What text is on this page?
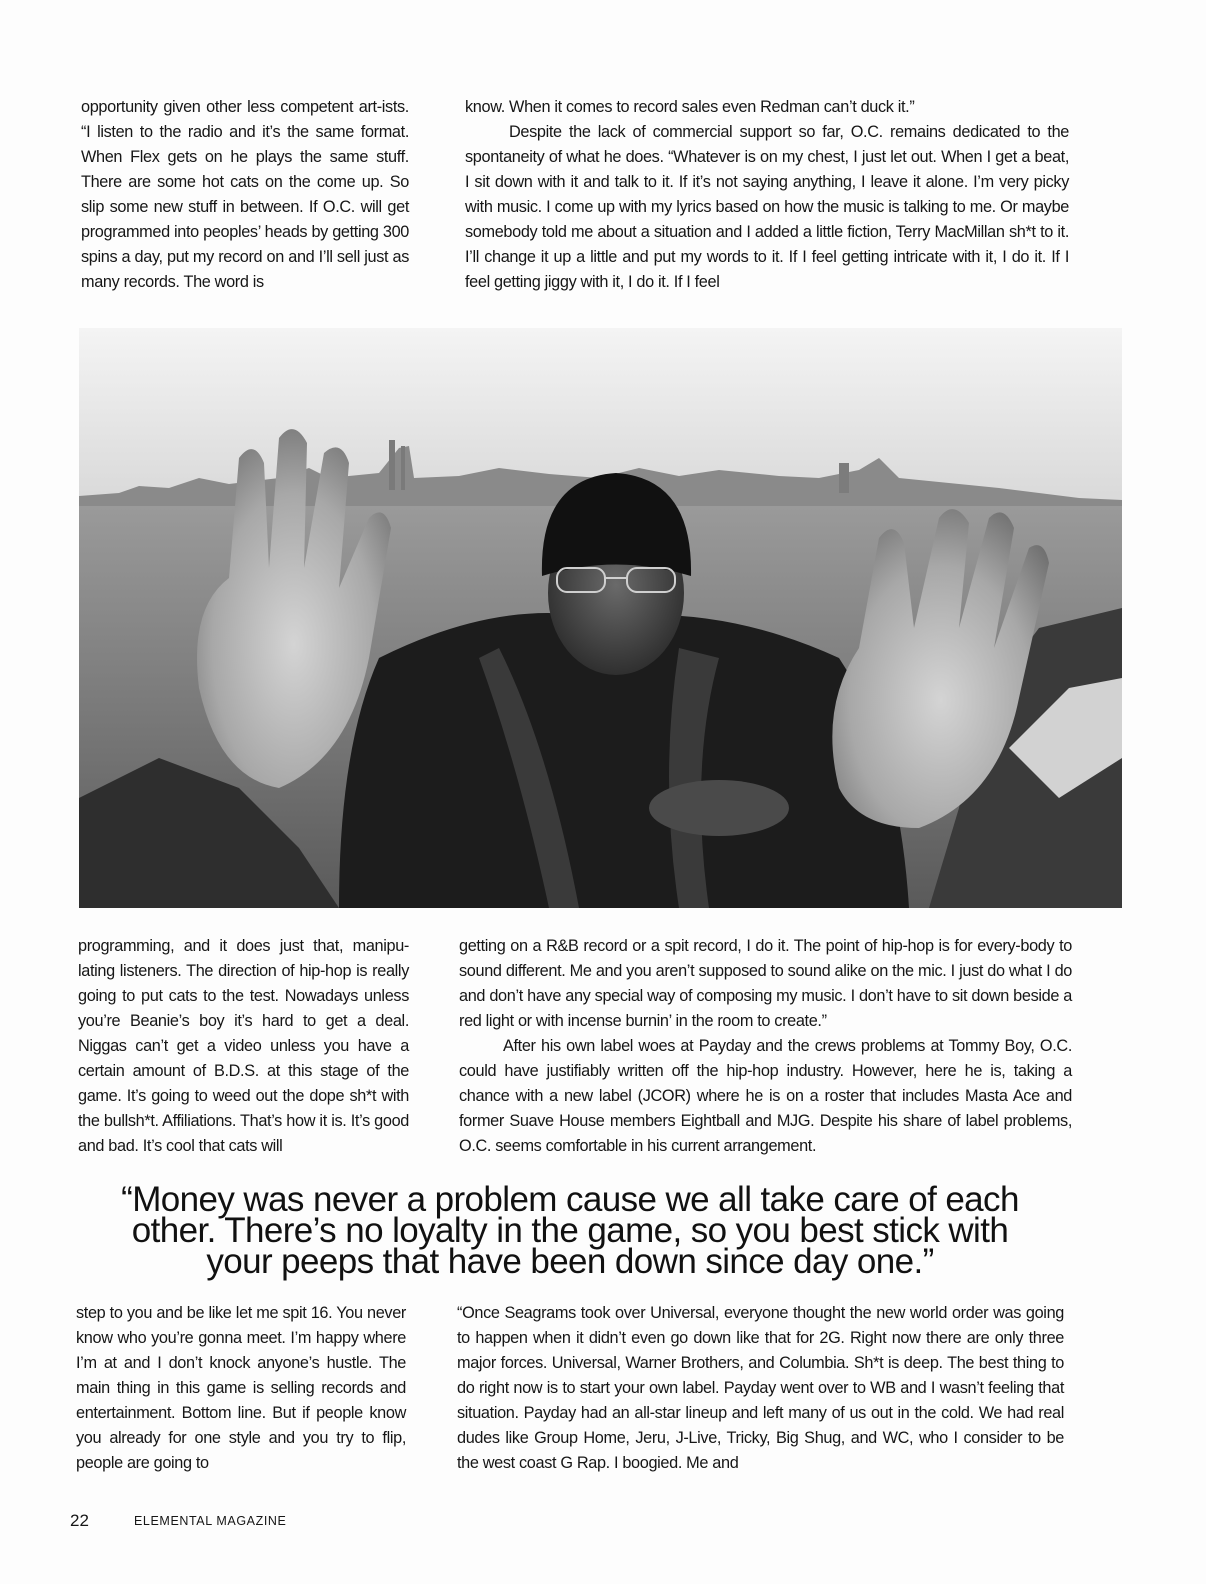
opportunity given other less competent art-ists. “I listen to the radio and it’s the same format. When Flex gets on he plays the same stuff. There are some hot cats on the come up. So slip some new stuff in between. If O.C. will get programmed into peoples’ heads by getting 300 spins a day, put my record on and I’ll sell just as many records. The word is

know. When it comes to record sales even Redman can’t duck it.”

Despite the lack of commercial support so far, O.C. remains dedicated to the spontaneity of what he does. “Whatever is on my chest, I just let out. When I get a beat, I sit down with it and talk to it. If it’s not saying anything, I leave it alone. I’m very picky with music. I come up with my lyrics based on how the music is talking to me. Or maybe somebody told me about a situation and I added a little fiction, Terry MacMillan sh*t to it. I’ll change it up a little and put my words to it. If I feel getting intricate with it, I do it. If I feel getting jiggy with it, I do it. If I feel

programming, and it does just that, manipu-lating listeners. The direction of hip-hop is really going to put cats to the test. Nowadays unless you’re Beanie’s boy it’s hard to get a deal. Niggas can’t get a video unless you have a certain amount of B.D.S. at this stage of the game. It’s going to weed out the dope sh*t with the bullsh*t. Affiliations. That’s how it is. It’s good and bad. It’s cool that cats will

getting on a R&B record or a spit record, I do it. The point of hip-hop is for every-body to sound different. Me and you aren’t supposed to sound alike on the mic. I just do what I do and don’t have any special way of composing my music. I don’t have to sit down beside a red light or with incense burnin’ in the room to create.”

After his own label woes at Payday and the crews problems at Tommy Boy, O.C. could have justifiably written off the hip-hop industry. However, here he is, taking a chance with a new label (JCOR) where he is on a roster that includes Masta Ace and former Suave House members Eightball and MJG. Despite his share of label problems, O.C. seems comfortable in his current arrangement.

“Money was never a problem cause we all take care of each
other. There’s no loyalty in the game, so you best stick with
your peeps that have been down since day one.”

step to you and be like let me spit 16. You never know who you’re gonna meet. I’m happy where I’m at and I don’t knock anyone’s hustle. The main thing in this game is selling records and entertainment. Bottom line. But if people know you already for one style and you try to flip, people are going to

“Once Seagrams took over Universal, everyone thought the new world order was going to happen when it didn’t even go down like that for 2G. Right now there are only three major forces. Universal, Warner Brothers, and Columbia. Sh*t is deep. The best thing to do right now is to start your own label. Payday went over to WB and I wasn’t feeling that situation. Payday had an all-star lineup and left many of us out in the cold. We had real dudes like Group Home, Jeru, J-Live, Tricky, Big Shug, and WC, who I consider to be the west coast G Rap. I boogied. Me and

22	ELEMENTAL MAGAZINE
